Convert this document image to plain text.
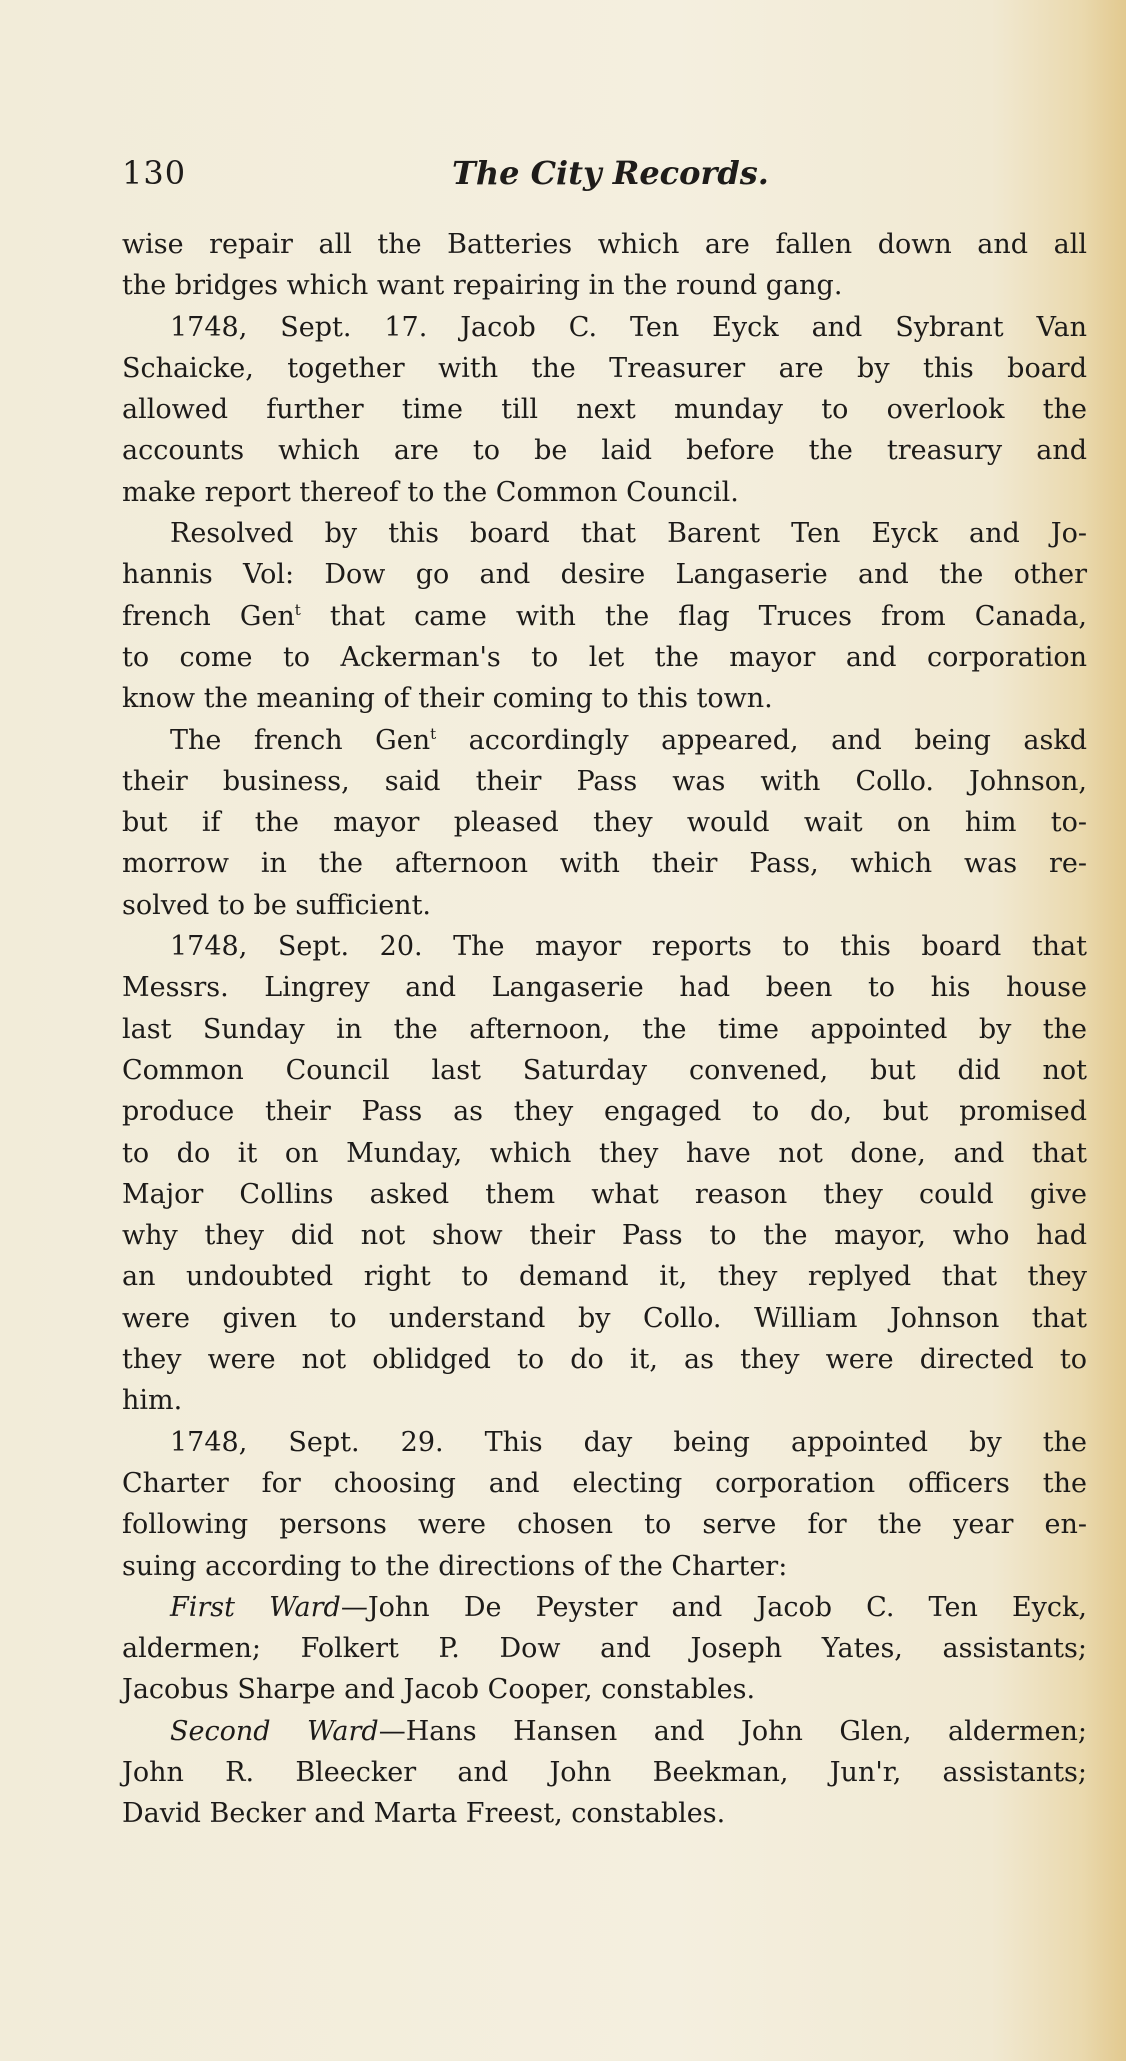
130	The City Records.
wise repair all the Batteries which are fallen down and all
the bridges which want repairing in the round gang.
1748, Sept. 17. Jacob C. Ten Eyck and Sybrant Van
Schaicke, together with the Treasurer are by this board
allowed further time till next munday to overlook the
accounts which are to be laid before the treasury and
make report thereof to the Common Council.
Resolved by this board that Barent Ten Eyck and Jo-
hannis Vol: Dow go and desire Langaserie and the other
french Gen$^t$ that came with the flag Truces from Canada,
to come to Ackerman's to let the mayor and corporation
know the meaning of their coming to this town.
The french Gen$^t$ accordingly appeared, and being askd
their business, said their Pass was with Collo. Johnson,
but if the mayor pleased they would wait on him to-
morrow in the afternoon with their Pass, which was re-
solved to be sufficient.
1748, Sept. 20. The mayor reports to this board that
Messrs. Lingrey and Langaserie had been to his house
last Sunday in the afternoon, the time appointed by the
Common Council last Saturday convened, but did not
produce their Pass as they engaged to do, but promised
to do it on Munday, which they have not done, and that
Major Collins asked them what reason they could give
why they did not show their Pass to the mayor, who had
an undoubted right to demand it, they replyed that they
were given to understand by Collo. William Johnson that
they were not oblidged to do it, as they were directed to
him.
1748, Sept. 29. This day being appointed by the
Charter for choosing and electing corporation officers the
following persons were chosen to serve for the year en-
suing according to the directions of the Charter:
First Ward—John De Peyster and Jacob C. Ten Eyck,
aldermen; Folkert P. Dow and Joseph Yates, assistants;
Jacobus Sharpe and Jacob Cooper, constables.
Second Ward—Hans Hansen and John Glen, aldermen;
John R. Bleecker and John Beekman, Jun'r, assistants;
David Becker and Marta Freest, constables.
